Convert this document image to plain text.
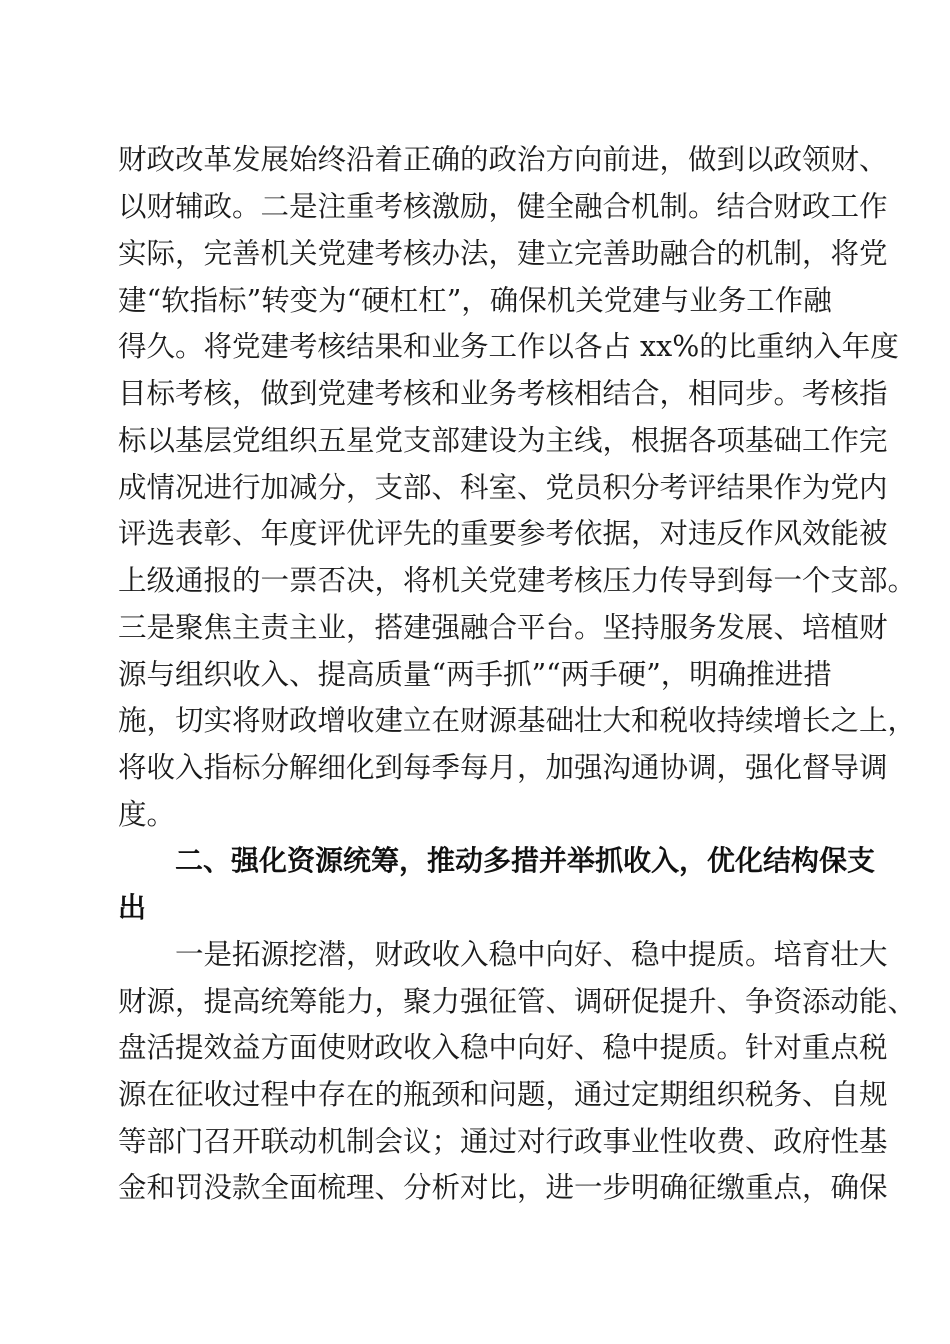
财政改革发展始终沿着正确的政治方向前进，做到以政领财、

以财辅政。二是注重考核激励，健全融合机制。结合财政工作

实际，完善机关党建考核办法，建立完善助融合的机制，将党

建“软指标”转变为“硬杠杠”，确保机关党建与业务工作融

得久。将党建考核结果和业务工作以各占 xx%的比重纳入年度

目标考核，做到党建考核和业务考核相结合，相同步。考核指

标以基层党组织五星党支部建设为主线，根据各项基础工作完

成情况进行加减分，支部、科室、党员积分考评结果作为党内

评选表彰、年度评优评先的重要参考依据，对违反作风效能被

上级通报的一票否决，将机关党建考核压力传导到每一个支部。

三是聚焦主责主业，搭建强融合平台。坚持服务发展、培植财

源与组织收入、提高质量“两手抓”“两手硬”，明确推进措

施，切实将财政增收建立在财源基础壮大和税收持续增长之上，

将收入指标分解细化到每季每月，加强沟通协调，强化督导调

度。

二、强化资源统筹，推动多措并举抓收入，优化结构保支

出

一是拓源挖潜，财政收入稳中向好、稳中提质。培育壮大

财源，提高统筹能力，聚力强征管、调研促提升、争资添动能、

盘活提效益方面使财政收入稳中向好、稳中提质。针对重点税

源在征收过程中存在的瓶颈和问题，通过定期组织税务、自规

等部门召开联动机制会议；通过对行政事业性收费、政府性基

金和罚没款全面梳理、分析对比，进一步明确征缴重点，确保
